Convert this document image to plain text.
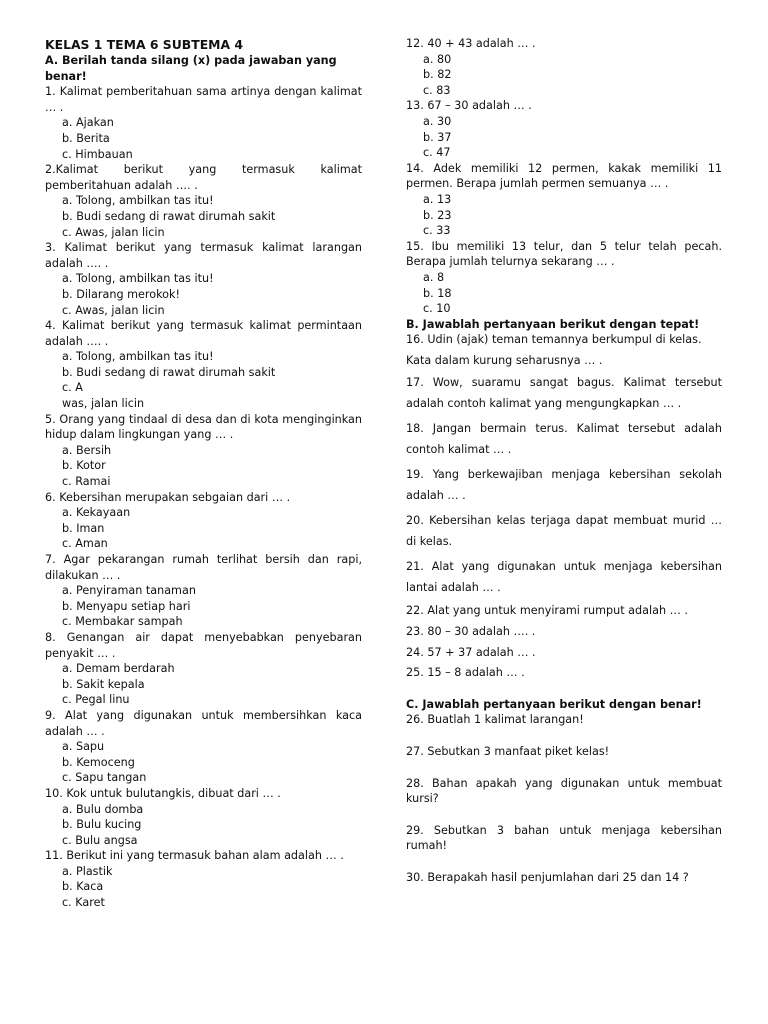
KELAS 1 TEMA 6 SUBTEMA 4
A. Berilah tanda silang (x) pada jawaban yang benar!
1. Kalimat pemberitahuan sama artinya dengan kalimat … .
a. Ajakan
b. Berita
c. Himbauan
2.Kalimat berikut yang termasuk kalimat pemberitahuan adalah …. .
a. Tolong, ambilkan tas itu!
b. Budi sedang di rawat dirumah sakit
c. Awas, jalan licin
3. Kalimat berikut yang termasuk kalimat larangan adalah …. .
a. Tolong, ambilkan tas itu!
b. Dilarang merokok!
c. Awas, jalan licin
4. Kalimat berikut yang termasuk kalimat permintaan adalah …. .
a. Tolong, ambilkan tas itu!
b. Budi sedang di rawat dirumah sakit
c. A
was, jalan licin
5. Orang yang tindaal di desa dan di kota menginginkan hidup dalam lingkungan yang … .
a. Bersih
b. Kotor
c. Ramai
6. Kebersihan merupakan sebgaian dari … .
a. Kekayaan
b. Iman
c. Aman
7. Agar pekarangan rumah terlihat bersih dan rapi, dilakukan … .
a. Penyiraman tanaman
b. Menyapu setiap hari
c. Membakar sampah
8. Genangan air dapat menyebabkan penyebaran penyakit … .
a. Demam berdarah
b. Sakit kepala
c. Pegal linu
9. Alat yang digunakan untuk membersihkan kaca adalah … .
a. Sapu
b. Kemoceng
c. Sapu tangan
10. Kok untuk bulutangkis, dibuat dari … .
a. Bulu domba
b. Bulu kucing
c. Bulu angsa
11. Berikut ini yang termasuk bahan alam adalah … .
a. Plastik
b. Kaca
c. Karet
12. 40 + 43 adalah … .
a. 80
b. 82
c. 83
13. 67 – 30 adalah … .
a. 30
b. 37
c. 47
14. Adek memiliki 12 permen, kakak memiliki 11 permen. Berapa jumlah permen semuanya … .
a. 13
b. 23
c. 33
15. Ibu memiliki 13 telur, dan 5 telur telah pecah. Berapa jumlah telurnya sekarang … .
a. 8
b. 18
c. 10
B. Jawablah pertanyaan berikut dengan tepat!
16. Udin (ajak) teman temannya berkumpul di kelas.
Kata dalam kurung seharusnya … .
17. Wow, suaramu sangat bagus. Kalimat tersebut adalah contoh kalimat yang mengungkapkan … .
18. Jangan bermain terus. Kalimat tersebut adalah contoh kalimat … .
19. Yang berkewajiban menjaga kebersihan sekolah adalah … .
20. Kebersihan kelas terjaga dapat membuat murid … di kelas.
21. Alat yang digunakan untuk menjaga kebersihan lantai adalah … .
22. Alat yang untuk menyirami rumput adalah … .
23. 80 – 30 adalah …. .
24. 57 + 37 adalah … .
25. 15 – 8 adalah … .
C. Jawablah pertanyaan berikut dengan benar!
26. Buatlah 1 kalimat larangan!
27. Sebutkan 3 manfaat piket kelas!
28. Bahan apakah yang digunakan untuk membuat kursi?
29. Sebutkan 3 bahan untuk menjaga kebersihan rumah!
30. Berapakah hasil penjumlahan dari 25 dan 14 ?
